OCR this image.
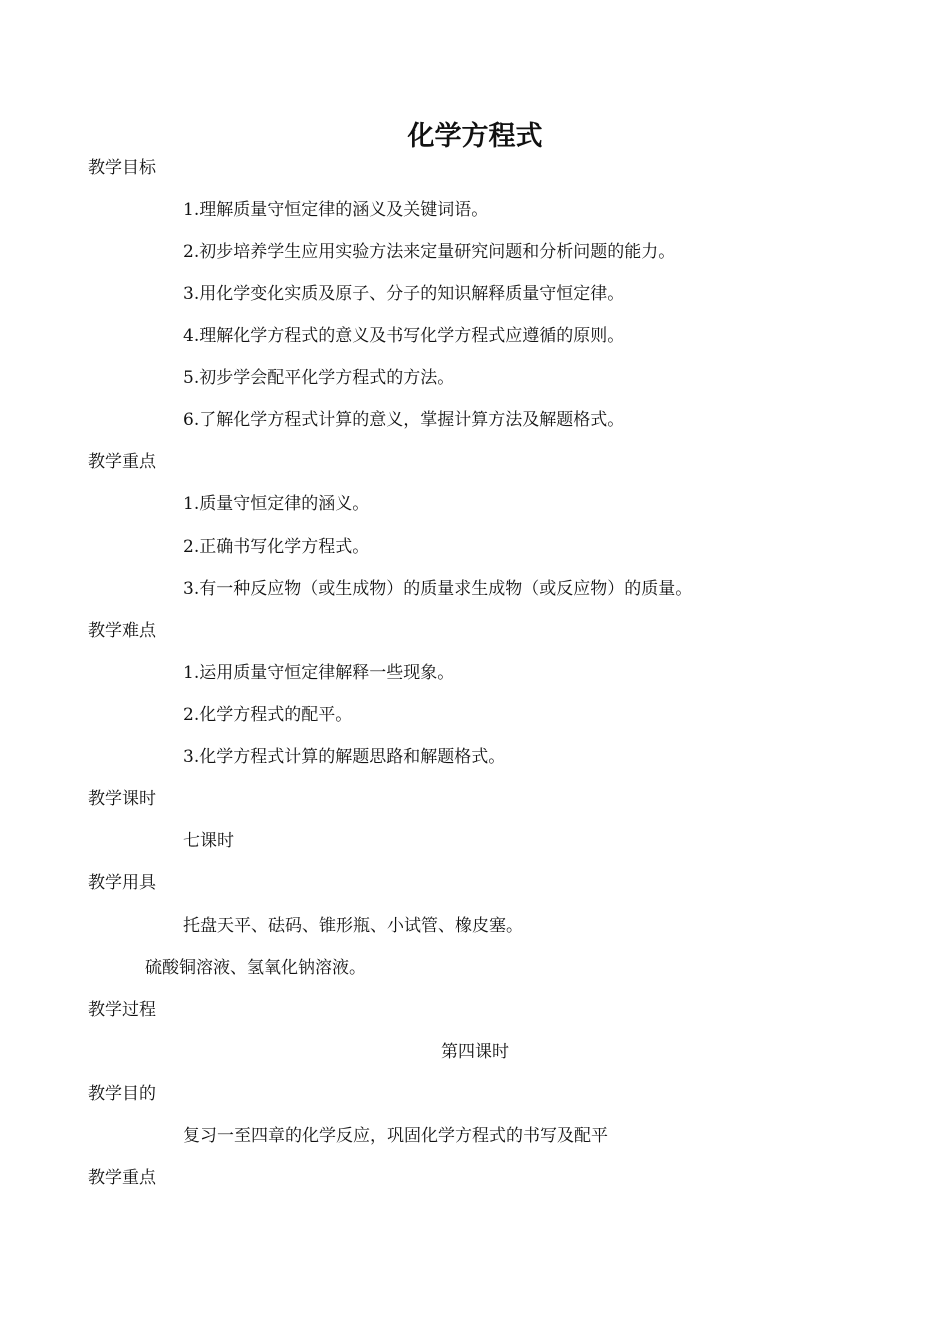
化学方程式

教学目标

1.理解质量守恒定律的涵义及关键词语。

2.初步培养学生应用实验方法来定量研究问题和分析问题的能力。

3.用化学变化实质及原子、分子的知识解释质量守恒定律。

4.理解化学方程式的意义及书写化学方程式应遵循的原则。

5.初步学会配平化学方程式的方法。

6.了解化学方程式计算的意义，掌握计算方法及解题格式。

教学重点

1.质量守恒定律的涵义。

2.正确书写化学方程式。

3.有一种反应物（或生成物）的质量求生成物（或反应物）的质量。

教学难点

1.运用质量守恒定律解释一些现象。

2.化学方程式的配平。

3.化学方程式计算的解题思路和解题格式。

教学课时

七课时

教学用具

托盘天平、砝码、锥形瓶、小试管、橡皮塞。

硫酸铜溶液、氢氧化钠溶液。

教学过程

第四课时

教学目的

复习一至四章的化学反应，巩固化学方程式的书写及配平

教学重点
